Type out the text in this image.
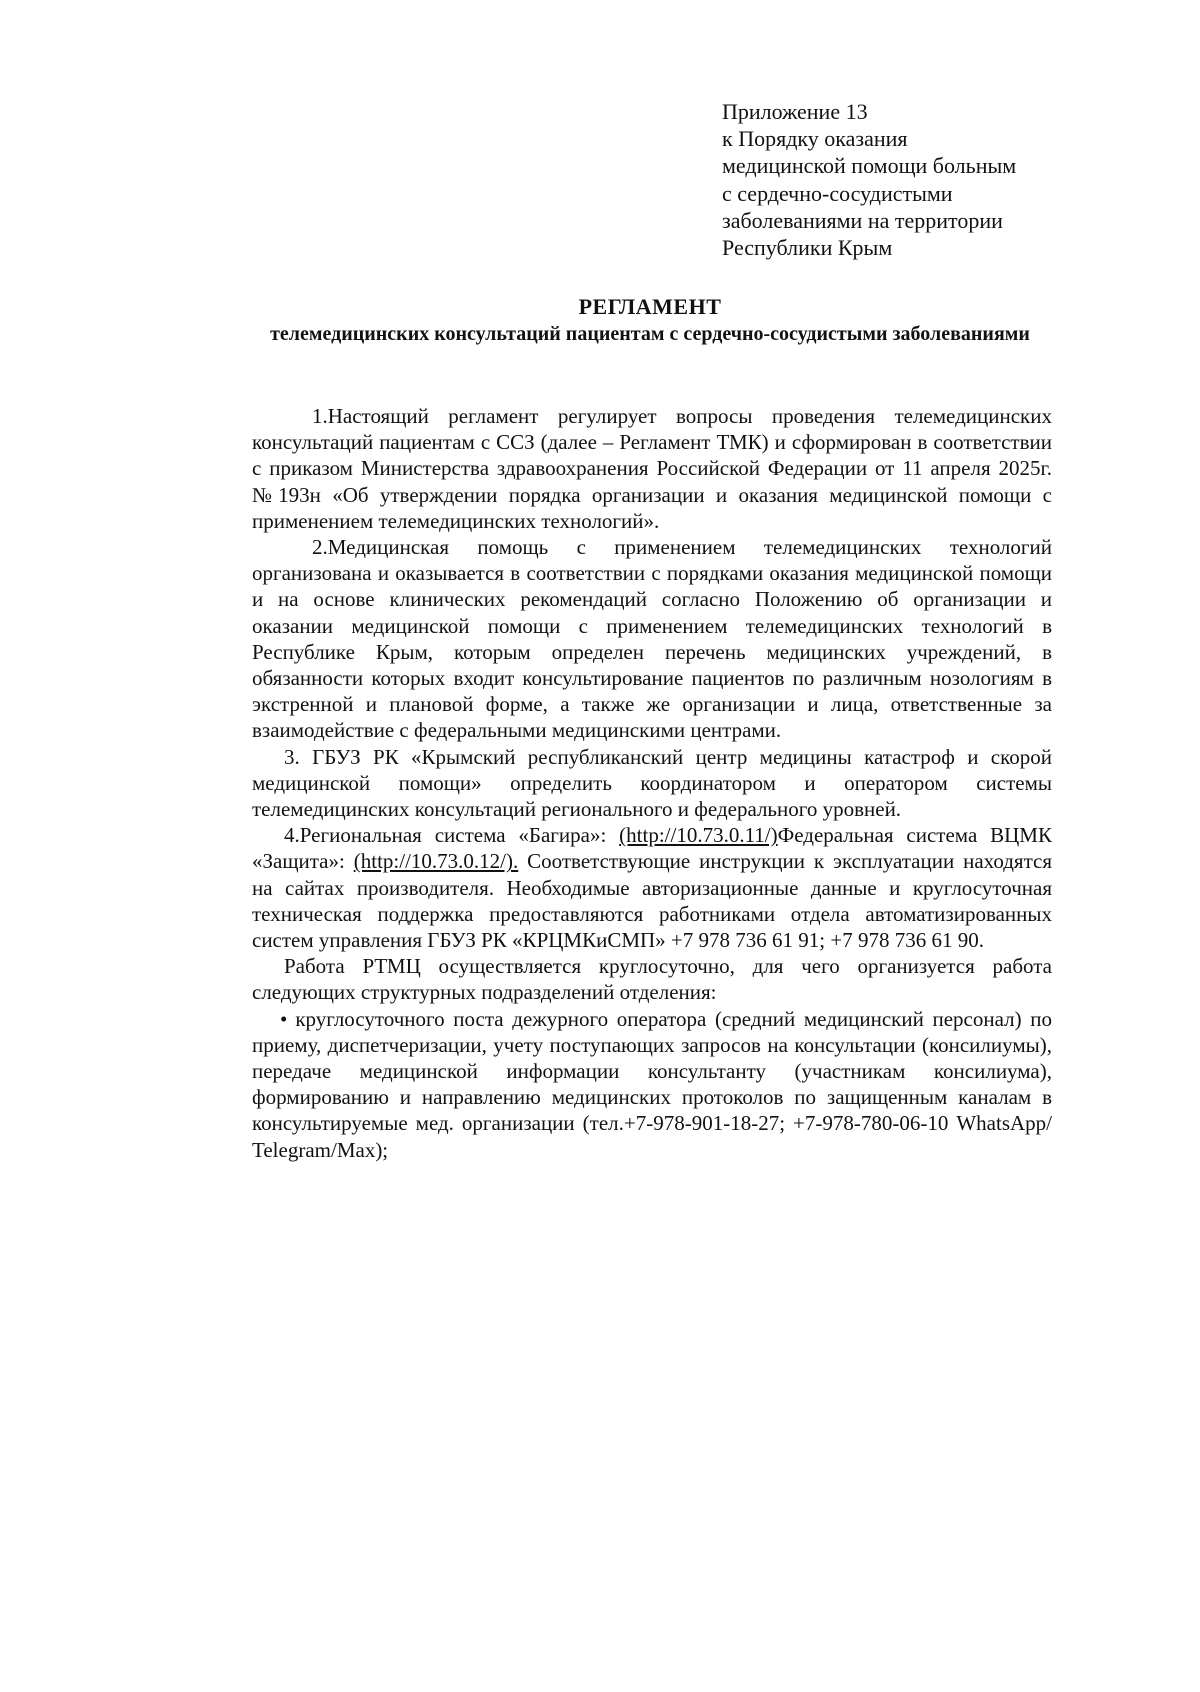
Приложение 13
к Порядку оказания
медицинской помощи больным
с сердечно-сосудистыми
заболеваниями на территории
Республики Крым
РЕГЛАМЕНТ
телемедицинских консультаций пациентам с сердечно-сосудистыми заболеваниями

1.Настоящий регламент регулирует вопросы проведения телемедицинских консультаций пациентам с ССЗ (далее – Регламент ТМК) и сформирован в соответствии с приказом Министерства здравоохранения Российской Федерации от 11 апреля 2025г. №193н «Об утверждении порядка организации и оказания медицинской помощи с применением телемедицинских технологий».

2.Медицинская помощь с применением телемедицинских технологий организована и оказывается в соответствии с порядками оказания медицинской помощи и на основе клинических рекомендаций согласно Положению об организации и оказании медицинской помощи с применением телемедицинских технологий в Республике Крым, которым определен перечень медицинских учреждений, в обязанности которых входит консультирование пациентов по различным нозологиям в экстренной и плановой форме, а также же организации и лица, ответственные за взаимодействие с федеральными медицинскими центрами.

3. ГБУЗ РК «Крымский республиканский центр медицины катастроф и скорой медицинской помощи» определить координатором и оператором системы телемедицинских консультаций регионального и федерального уровней.

4.Региональная система «Багира»: (http://10.73.0.11/)Федеральная система ВЦМК «Защита»: (http://10.73.0.12/). Соответствующие инструкции к эксплуатации находятся на сайтах производителя. Необходимые авторизационные данные и круглосуточная техническая поддержка предоставляются работниками отдела автоматизированных систем управления ГБУЗ РК «КРЦМКиСМП» +7 978 736 61 91; +7 978 736 61 90.

Работа РТМЦ осуществляется круглосуточно, для чего организуется работа следующих структурных подразделений отделения:

• круглосуточного поста дежурного оператора (средний медицинский персонал) по приему, диспетчеризации, учету поступающих запросов на консультации (консилиумы), передаче медицинской информации консультанту (участникам консилиума), формированию и направлению медицинских протоколов по защищенным каналам в консультируемые мед. организации (тел.+7-978-901-18-27; +7-978-780-06-10 WhatsApp/ Telegram/Max);
